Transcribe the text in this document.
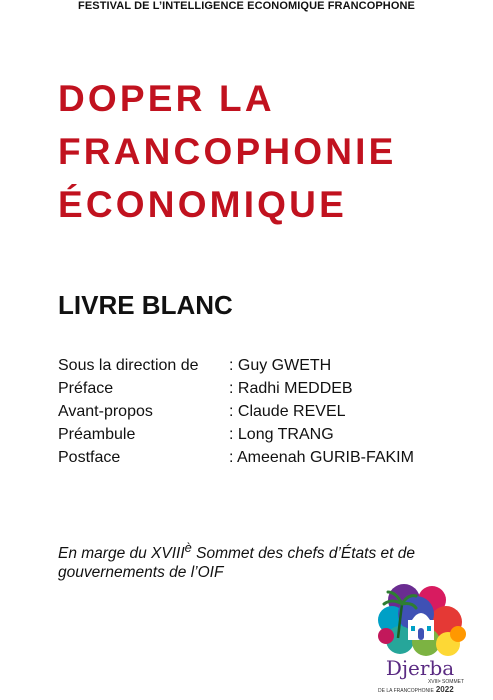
FESTIVAL DE L’INTELLIGENCE ECONOMIQUE FRANCOPHONE
DOPER LA
FRANCOPHONIE
ÉCONOMIQUE
LIVRE BLANC
Sous la direction de	: Guy GWETH
Préface	: Radhi MEDDEB
Avant-propos	: Claude REVEL
Préambule	: Long TRANG
Postface	: Ameenah GURIB-FAKIM
En marge du $XVIII^è$ Sommet des chefs d’États et de gouvernements de l’OIF
Djerba
XVIIIᵉ SOMMET
DE LA FRANCOPHONIE 2022
